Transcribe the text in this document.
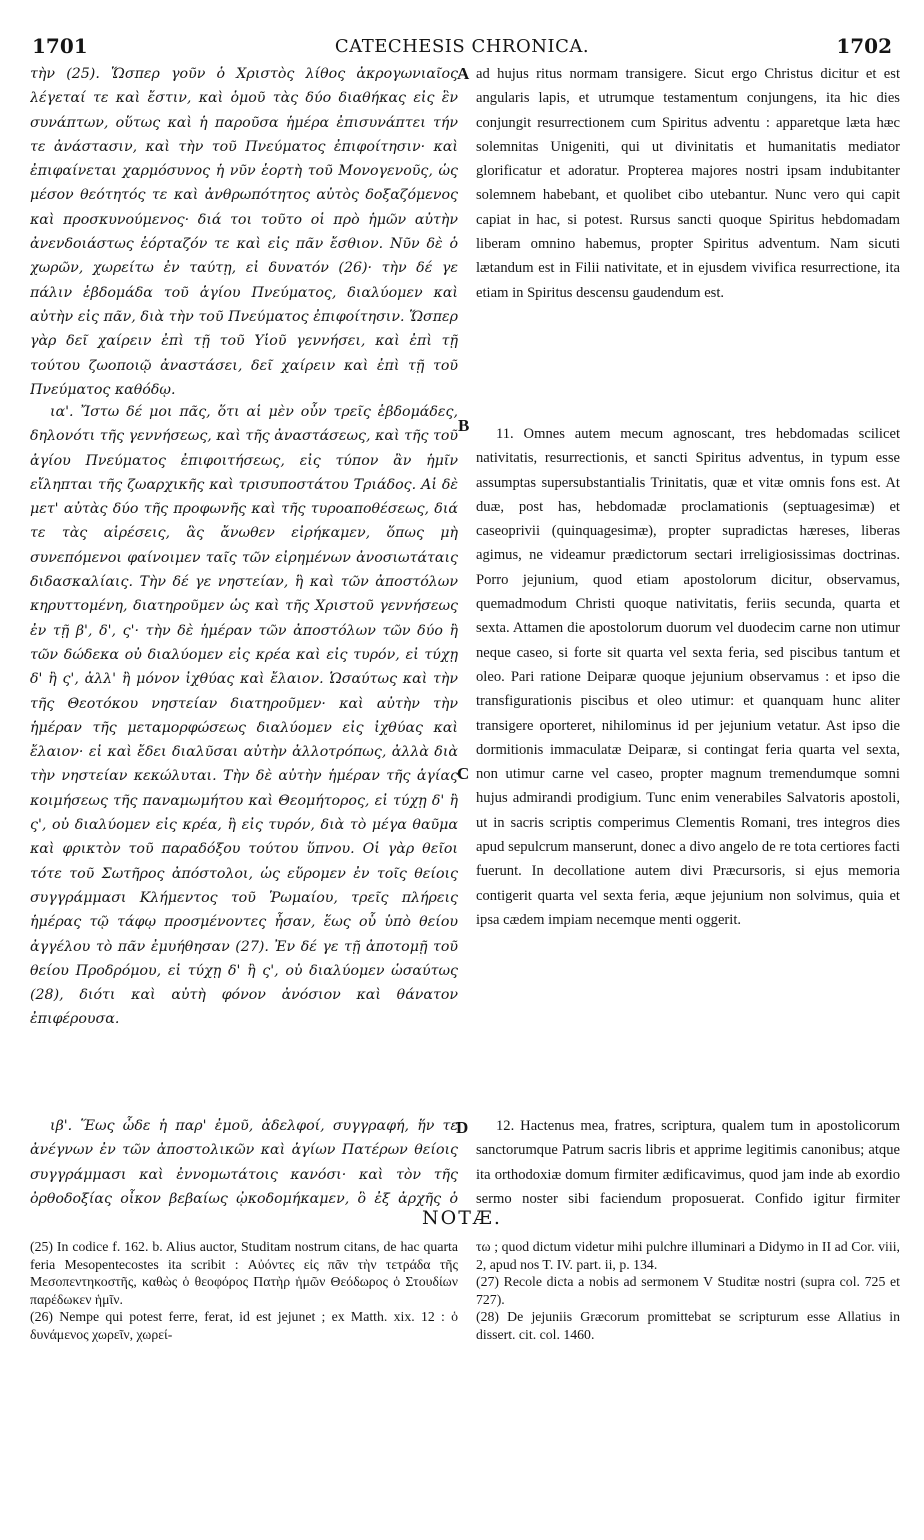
1701	CATECHESIS CHRONICA.	1702

τὴν (25). Ὥσπερ γοῦν ὁ Χριστὸς λίθος ἀκρογωνιαῖος λέγεταί τε καὶ ἔστιν, καὶ ὁμοῦ τὰς δύο διαθήκας εἰς ἓν συνάπτων, οὕτως καὶ ἡ παροῦσα ἡμέρα ἐπισυνάπτει τήν τε ἀνάστασιν, καὶ τὴν τοῦ Πνεύματος ἐπιφοίτησιν· καὶ ἐπιφαίνεται χαρμόσυνος ἡ νῦν ἑορτὴ τοῦ Μονογενοῦς, ὡς μέσον θεότητός τε καὶ ἀνθρωπότητος αὐτὸς δοξαζόμενος καὶ προσκυνούμενος· διά τοι τοῦτο οἱ πρὸ ἡμῶν αὐτὴν ἀνενδοιάστως ἑόρταζόν τε καὶ εἰς πᾶν ἔσθιον. Νῦν δὲ ὁ χωρῶν, χωρείτω ἐν ταύτῃ, εἰ δυνατόν (26)· τὴν δέ γε πάλιν ἑβδομάδα τοῦ ἁγίου Πνεύματος, διαλύομεν καὶ αὐτὴν εἰς πᾶν, διὰ τὴν τοῦ Πνεύματος ἐπιφοίτησιν. Ὥσπερ γὰρ δεῖ χαίρειν ἐπὶ τῇ τοῦ Υἱοῦ γεννήσει, καὶ ἐπὶ τῇ τούτου ζωοποιῷ ἀναστάσει, δεῖ χαίρειν καὶ ἐπὶ τῇ τοῦ Πνεύματος καθόδῳ.

ια'. Ἴστω δέ μοι πᾶς, ὅτι αἱ μὲν οὖν τρεῖς ἑβδομάδες, δηλονότι τῆς γεννήσεως, καὶ τῆς ἀναστάσεως, καὶ τῆς τοῦ ἁγίου Πνεύματος ἐπιφοιτήσεως, εἰς τύπον ἂν ἡμῖν εἴληπται τῆς ζωαρχικῆς καὶ τρισυποστάτου Τριάδος. Αἱ δὲ μετ' αὐτὰς δύο τῆς προφωνῆς καὶ τῆς τυροαποθέσεως, διά τε τὰς αἱρέσεις, ἃς ἄνωθεν εἰρήκαμεν, ὅπως μὴ συνεπόμενοι φαίνοιμεν ταῖς τῶν εἰρημένων ἀνοσιωτάταις διδασκαλίαις. Τὴν δέ γε νηστείαν, ἣ καὶ τῶν ἀποστόλων κηρυττομένη, διατηροῦμεν ὡς καὶ τῆς Χριστοῦ γεννήσεως ἐν τῇ β', δ', ς'· τὴν δὲ ἡμέραν τῶν ἀποστόλων τῶν δύο ἢ τῶν δώδεκα οὐ διαλύομεν εἰς κρέα καὶ εἰς τυρόν, εἰ τύχῃ δ' ἢ ς', ἀλλ' ἢ μόνον ἰχθύας καὶ ἔλαιον. Ὡσαύτως καὶ τὴν τῆς Θεοτόκου νηστείαν διατηροῦμεν· καὶ αὐτὴν τὴν ἡμέραν τῆς μεταμορφώσεως διαλύομεν εἰς ἰχθύας καὶ ἔλαιον· εἰ καὶ ἔδει διαλῦσαι αὐτὴν ἀλλοτρόπως, ἀλλὰ διὰ τὴν νηστείαν κεκώλυται. Τὴν δὲ αὐτὴν ἡμέραν τῆς ἁγίας κοιμήσεως τῆς παναμωμήτου καὶ Θεομήτορος, εἰ τύχῃ δ' ἢ ς', οὐ διαλύομεν εἰς κρέα, ἢ εἰς τυρόν, διὰ τὸ μέγα θαῦμα καὶ φρικτὸν τοῦ παραδόξου τούτου ὕπνου. Οἱ γὰρ θεῖοι τότε τοῦ Σωτῆρος ἀπόστολοι, ὡς εὕρομεν ἐν τοῖς θείοις συγγράμμασι Κλήμεντος τοῦ Ῥωμαίου, τρεῖς πλήρεις ἡμέρας τῷ τάφῳ προσμένοντες ἦσαν, ἕως οὗ ὑπὸ θείου ἀγγέλου τὸ πᾶν ἐμυήθησαν (27). Ἐν δέ γε τῇ ἀποτομῇ τοῦ θείου Προδρόμου, εἰ τύχῃ δ' ἢ ς', οὐ διαλύομεν ὡσαύτως (28), διότι καὶ αὐτὴ φόνον ἀνόσιον καὶ θάνατον ἐπιφέρουσα.

ιβ'. Ἕως ὧδε ἡ παρ' ἐμοῦ, ἀδελφοί, συγγραφή, ἥν τε ἀνέγνων ἐν τῶν ἀποστολικῶν καὶ ἁγίων Πατέρων θείοις συγγράμμασι καὶ ἐννομωτάτοις κανόσι· καὶ τὸν τῆς ὀρθοδοξίας οἶκον βεβαίως ᾠκοδομήκαμεν, ὃ ἐξ ἀρχῆς ὁ

A
B
C
D

ad hujus ritus normam transigere. Sicut ergo Christus dicitur et est angularis lapis, et utrumque testamentum conjungens, ita hic dies conjungit resurrectionem cum Spiritus adventu : apparetque læta hæc solemnitas Unigeniti, qui ut divinitatis et humanitatis mediator glorificatur et adoratur. Propterea majores nostri ipsam indubitanter solemnem habebant, et quolibet cibo utebantur. Nunc vero qui capit capiat in hac, si potest. Rursus sancti quoque Spiritus hebdomadam liberam omnino habemus, propter Spiritus adventum. Nam sicuti lætandum est in Filii nativitate, et in ejusdem vivifica resurrectione, ita etiam in Spiritus descensu gaudendum est.

11. Omnes autem mecum agnoscant, tres hebdomadas scilicet nativitatis, resurrectionis, et sancti Spiritus adventus, in typum esse assumptas supersubstantialis Trinitatis, quæ et vitæ omnis fons est. At duæ, post has, hebdomadæ proclamationis (septuagesimæ) et caseoprivii (quinquagesimæ), propter supradictas hæreses, liberas agimus, ne videamur prædictorum sectari irreligiosissimas doctrinas. Porro jejunium, quod etiam apostolorum dicitur, observamus, quemadmodum Christi quoque nativitatis, feriis secunda, quarta et sexta. Attamen die apostolorum duorum vel duodecim carne non utimur neque caseo, si forte sit quarta vel sexta feria, sed piscibus tantum et oleo. Pari ratione Deiparæ quoque jejunium observamus : et ipso die transfigurationis piscibus et oleo utimur: et quanquam hunc aliter transigere oporteret, nihilominus id per jejunium vetatur. Ast ipso die dormitionis immaculatæ Deiparæ, si contingat feria quarta vel sexta, non utimur carne vel caseo, propter magnum tremendumque somni hujus admirandi prodigium. Tunc enim venerabiles Salvatoris apostoli, ut in sacris scriptis comperimus Clementis Romani, tres integros dies apud sepulcrum manserunt, donec a divo angelo de re tota certiores facti fuerunt. In decollatione autem divi Præcursoris, si ejus memoria contigerit quarta vel sexta feria, æque jejunium non solvimus, quia et ipsa cædem impiam necemque menti oggerit.

12. Hactenus mea, fratres, scriptura, qualem tum in apostolicorum sanctorumque Patrum sacris libris et apprime legitimis canonibus; atque ita orthodoxiæ domum firmiter ædificavimus, quod jam inde ab exordio sermo noster sibi faciendum proposuerat. Confido igitur firmiter

NOTÆ.

(25) In codice f. 162. b. Alius auctor, Studitam nostrum citans, de hac quarta feria Mesopentecostes ita scribit : Αὐόντες εἰς πᾶν τὴν τετράδα τῆς Μεσοπεντηκοστῆς, καθὼς ὁ θεοφόρος Πατὴρ ἡμῶν Θεόδωρος ὁ Στουδίων παρέδωκεν ἡμῖν.

(26) Nempe qui potest ferre, ferat, id est jejunet ; ex Matth. xix. 12 : ὁ δυνάμενος χωρεῖν, χωρεί-

τω ; quod dictum videtur mihi pulchre illuminari a Didymo in II ad Cor. viii, 2, apud nos T. IV. part. ii, p. 134.

(27) Recole dicta a nobis ad sermonem V Studitæ nostri (supra col. 725 et 727).

(28) De jejuniis Græcorum promittebat se scripturum esse Allatius in dissert. cit. col. 1460.
